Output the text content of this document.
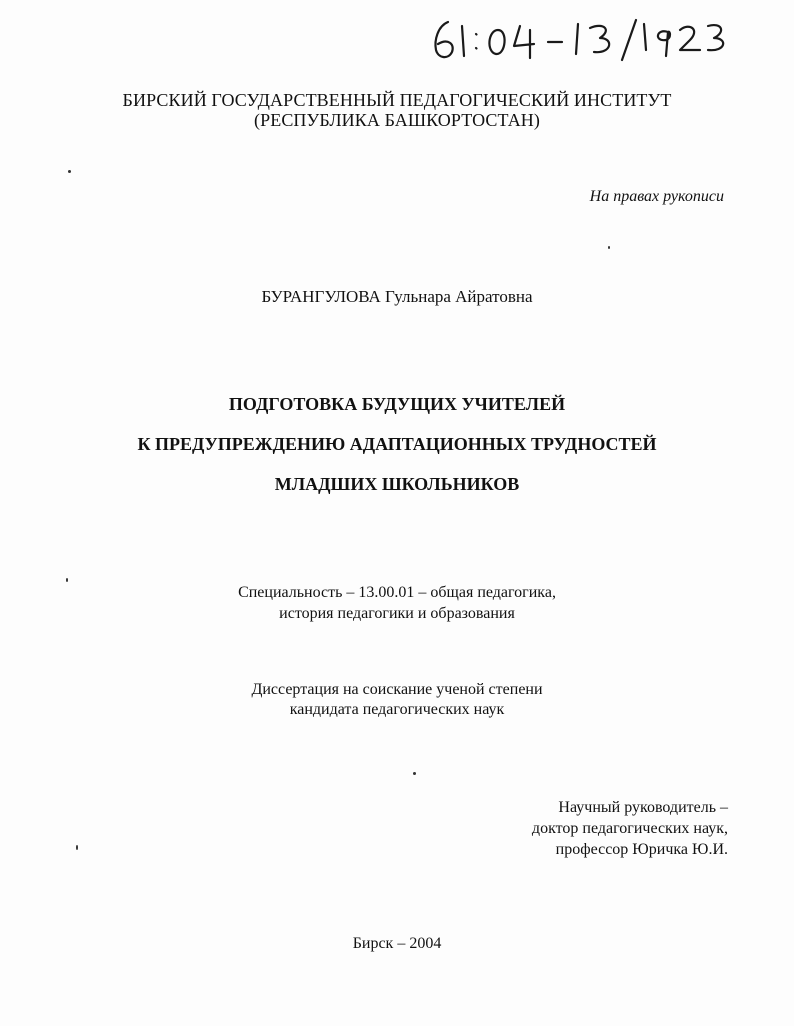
61:04-13/1923
БИРСКИЙ ГОСУДАРСТВЕННЫЙ ПЕДАГОГИЧЕСКИЙ ИНСТИТУТ
(РЕСПУБЛИКА БАШКОРТОСТАН)
На правах рукописи
БУРАНГУЛОВА Гульнара Айратовна
ПОДГОТОВКА БУДУЩИХ УЧИТЕЛЕЙ
К ПРЕДУПРЕЖДЕНИЮ АДАПТАЦИОННЫХ ТРУДНОСТЕЙ
МЛАДШИХ ШКОЛЬНИКОВ
Специальность – 13.00.01 – общая педагогика,
история педагогики и образования
Диссертация на соискание ученой степени
кандидата педагогических наук
Научный руководитель –
доктор педагогических наук,
профессор Юричка Ю.И.
Бирск – 2004
